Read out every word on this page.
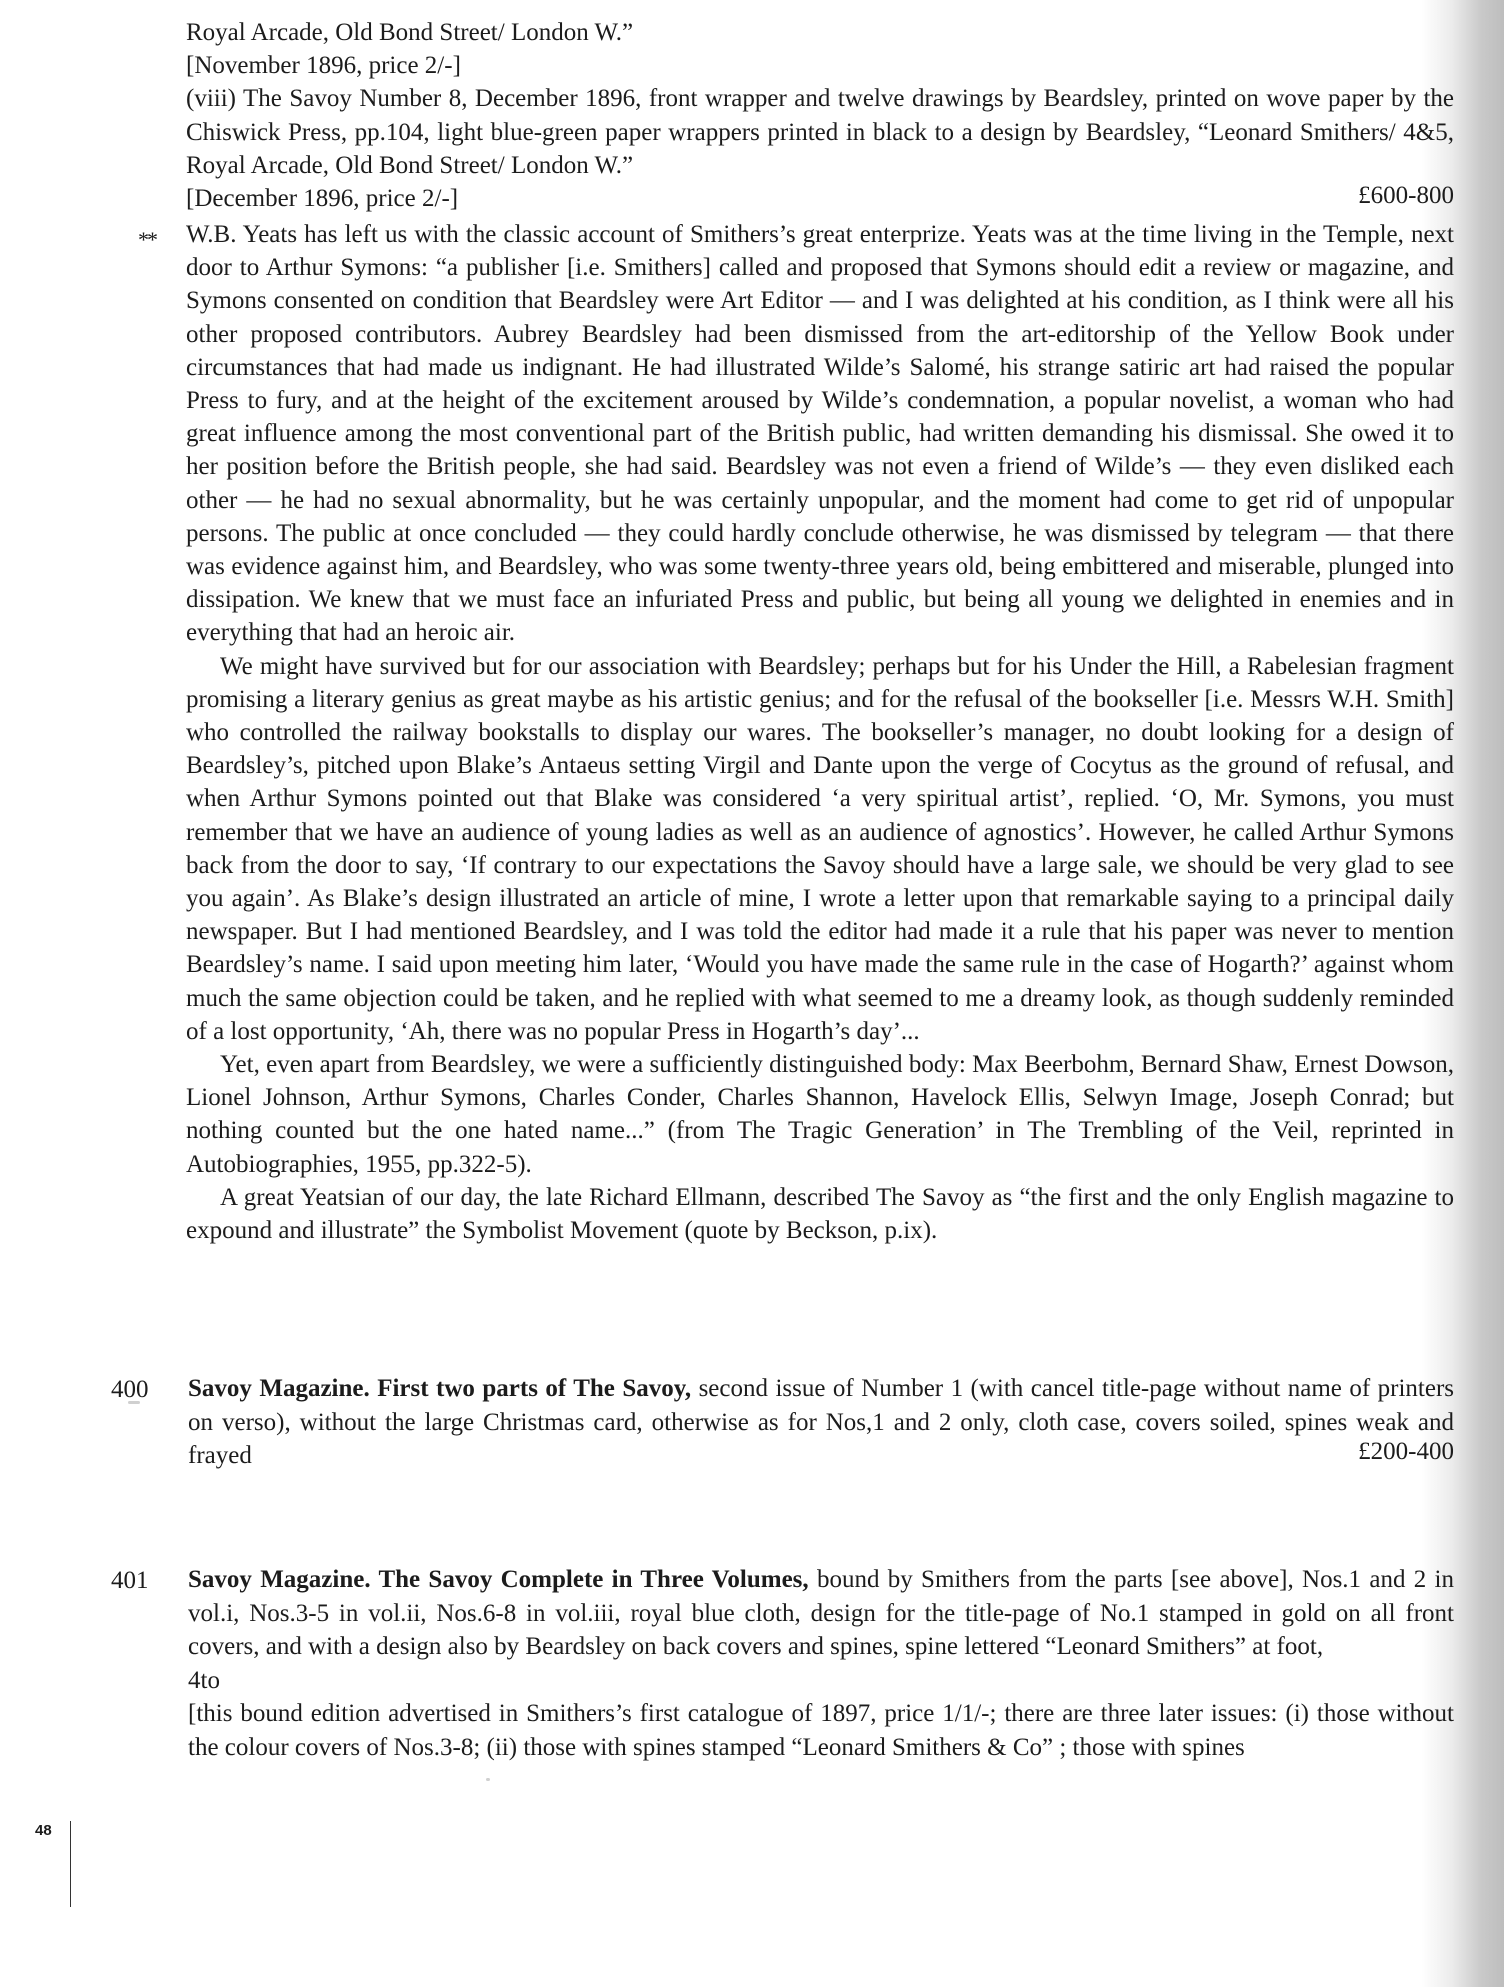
Royal Arcade, Old Bond Street/ London W.”

[November 1896, price 2/-]

(viii) The Savoy Number 8, December 1896, front wrapper and twelve drawings by Beardsley, printed on wove paper by the Chiswick Press, pp.104, light blue-green paper wrappers printed in black to a design by Beardsley, “Leonard Smithers/ 4&5, Royal Arcade, Old Bond Street/ London W.”

[December 1896, price 2/-]	£600-800
** W.B. Yeats has left us with the classic account of Smithers’s great enterprize. Yeats was at the time living in the Temple, next door to Arthur Symons: “a publisher [i.e. Smithers] called and proposed that Symons should edit a review or magazine, and Symons consented on condition that Beardsley were Art Editor — and I was delighted at his condition, as I think were all his other proposed contributors. Aubrey Beardsley had been dismissed from the art-editorship of the Yellow Book under circumstances that had made us indignant. He had illustrated Wilde’s Salomé, his strange satiric art had raised the popular Press to fury, and at the height of the excitement aroused by Wilde’s condemnation, a popular novelist, a woman who had great influence among the most conventional part of the British public, had written demanding his dismissal. She owed it to her position before the British people, she had said. Beardsley was not even a friend of Wilde’s — they even disliked each other — he had no sexual abnormality, but he was certainly unpopular, and the moment had come to get rid of unpopular persons. The public at once concluded — they could hardly conclude otherwise, he was dismissed by telegram — that there was evidence against him, and Beardsley, who was some twenty-three years old, being embittered and miserable, plunged into dissipation. We knew that we must face an infuriated Press and public, but being all young we delighted in enemies and in everything that had an heroic air.

We might have survived but for our association with Beardsley; perhaps but for his Under the Hill, a Rabelesian fragment promising a literary genius as great maybe as his artistic genius; and for the refusal of the bookseller [i.e. Messrs W.H. Smith] who controlled the railway bookstalls to display our wares. The bookseller’s manager, no doubt looking for a design of Beardsley’s, pitched upon Blake’s Antaeus setting Virgil and Dante upon the verge of Cocytus as the ground of refusal, and when Arthur Symons pointed out that Blake was considered ‘a very spiritual artist’, replied. ‘O, Mr. Symons, you must remember that we have an audience of young ladies as well as an audience of agnostics’. However, he called Arthur Symons back from the door to say, ‘If contrary to our expectations the Savoy should have a large sale, we should be very glad to see you again’. As Blake’s design illustrated an article of mine, I wrote a letter upon that remarkable saying to a principal daily newspaper. But I had mentioned Beardsley, and I was told the editor had made it a rule that his paper was never to mention Beardsley’s name. I said upon meeting him later, ‘Would you have made the same rule in the case of Hogarth?’ against whom much the same objection could be taken, and he replied with what seemed to me a dreamy look, as though suddenly reminded of a lost opportunity, ‘Ah, there was no popular Press in Hogarth’s day’...

Yet, even apart from Beardsley, we were a sufficiently distinguished body: Max Beerbohm, Bernard Shaw, Ernest Dowson, Lionel Johnson, Arthur Symons, Charles Conder, Charles Shannon, Havelock Ellis, Selwyn Image, Joseph Conrad; but nothing counted but the one hated name...” (from The Tragic Generation’ in The Trembling of the Veil, reprinted in Autobiographies, 1955, pp.322-5).

A great Yeatsian of our day, the late Richard Ellmann, described The Savoy as “the first and the only English magazine to expound and illustrate” the Symbolist Movement (quote by Beckson, p.ix).

400 Savoy Magazine. First two parts of The Savoy, second issue of Number 1 (with cancel title-page without name of printers on verso), without the large Christmas card, otherwise as for Nos,1 and 2 only, cloth case, covers soiled, spines weak and frayed	£200-400
401 Savoy Magazine. The Savoy Complete in Three Volumes, bound by Smithers from the parts [see above], Nos.1 and 2 in vol.i, Nos.3-5 in vol.ii, Nos.6-8 in vol.iii, royal blue cloth, design for the title-page of No.1 stamped in gold on all front covers, and with a design also by Beardsley on back covers and spines, spine lettered “Leonard Smithers” at foot,

4to

[this bound edition advertised in Smithers’s first catalogue of 1897, price 1/1/-; there are three later issues: (i) those without the colour covers of Nos.3-8; (ii) those with spines stamped “Leonard Smithers & Co” ; those with spines

48
